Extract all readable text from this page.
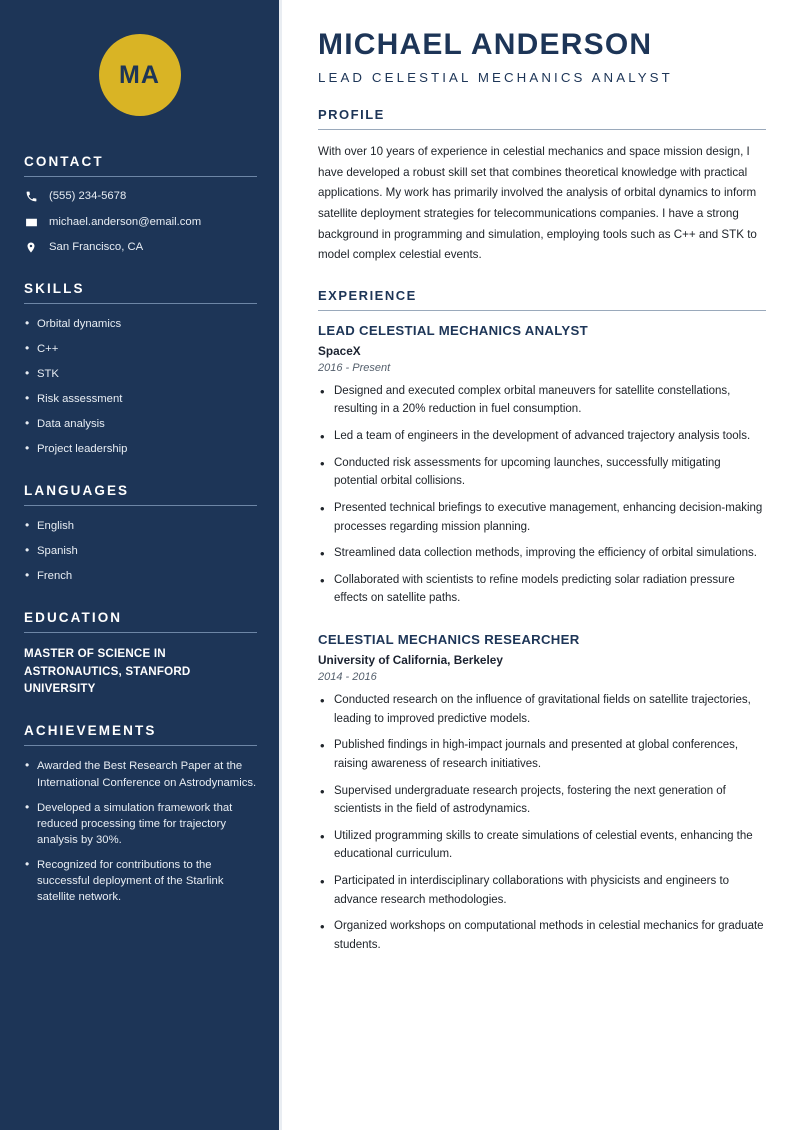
MA
CONTACT
(555) 234-5678
michael.anderson@email.com
San Francisco, CA
SKILLS
• Orbital dynamics
• C++
• STK
• Risk assessment
• Data analysis
• Project leadership
LANGUAGES
• English
• Spanish
• French
EDUCATION
MASTER OF SCIENCE IN ASTRONAUTICS, STANFORD UNIVERSITY
ACHIEVEMENTS
• Awarded the Best Research Paper at the International Conference on Astrodynamics.
• Developed a simulation framework that reduced processing time for trajectory analysis by 30%.
• Recognized for contributions to the successful deployment of the Starlink satellite network.
MICHAEL ANDERSON
LEAD CELESTIAL MECHANICS ANALYST
PROFILE

With over 10 years of experience in celestial mechanics and space mission design, I have developed a robust skill set that combines theoretical knowledge with practical applications. My work has primarily involved the analysis of orbital dynamics to inform satellite deployment strategies for telecommunications companies. I have a strong background in programming and simulation, employing tools such as C++ and STK to model complex celestial events.

EXPERIENCE
LEAD CELESTIAL MECHANICS ANALYST
SpaceX
2016 - Present
• Designed and executed complex orbital maneuvers for satellite constellations, resulting in a 20% reduction in fuel consumption.
• Led a team of engineers in the development of advanced trajectory analysis tools.
• Conducted risk assessments for upcoming launches, successfully mitigating potential orbital collisions.
• Presented technical briefings to executive management, enhancing decision-making processes regarding mission planning.
• Streamlined data collection methods, improving the efficiency of orbital simulations.
• Collaborated with scientists to refine models predicting solar radiation pressure effects on satellite paths.
CELESTIAL MECHANICS RESEARCHER
University of California, Berkeley
2014 - 2016
• Conducted research on the influence of gravitational fields on satellite trajectories, leading to improved predictive models.
• Published findings in high-impact journals and presented at global conferences, raising awareness of research initiatives.
• Supervised undergraduate research projects, fostering the next generation of scientists in the field of astrodynamics.
• Utilized programming skills to create simulations of celestial events, enhancing the educational curriculum.
• Participated in interdisciplinary collaborations with physicists and engineers to advance research methodologies.
• Organized workshops on computational methods in celestial mechanics for graduate students.
